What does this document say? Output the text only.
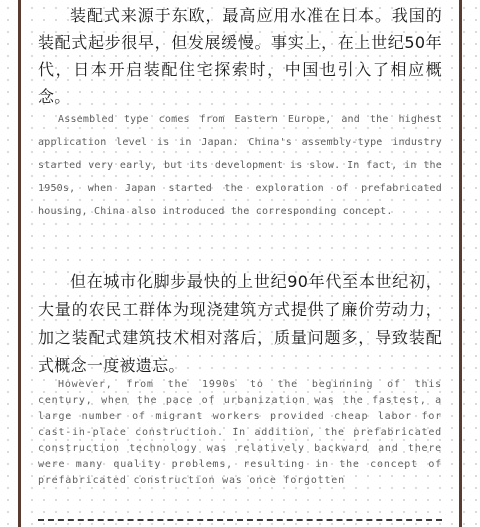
装配式来源于东欧，最高应用水准在日本。我国的装配式起步很早，但发展缓慢。事实上，在上世纪50年代，日本开启装配住宅探索时，中国也引入了相应概念。

Assembled type comes from Eastern Europe, and the highest application level is in Japan. China's assembly-type industry started very early, but its development is slow. In fact, in the 1950s, when Japan started the exploration of prefabricated housing, China also introduced the corresponding concept.

但在城市化脚步最快的上世纪90年代至本世纪初，大量的农民工群体为现浇建筑方式提供了廉价劳动力，加之装配式建筑技术相对落后，质量问题多，导致装配式概念一度被遗忘。

However, from the 1990s to the beginning of this century, when the pace of urbanization was the fastest, a large number of migrant workers provided cheap labor for cast-in-place construction. In addition, the prefabricated construction technology was relatively backward and there were many quality problems, resulting in the concept of prefabricated construction was once forgotten
